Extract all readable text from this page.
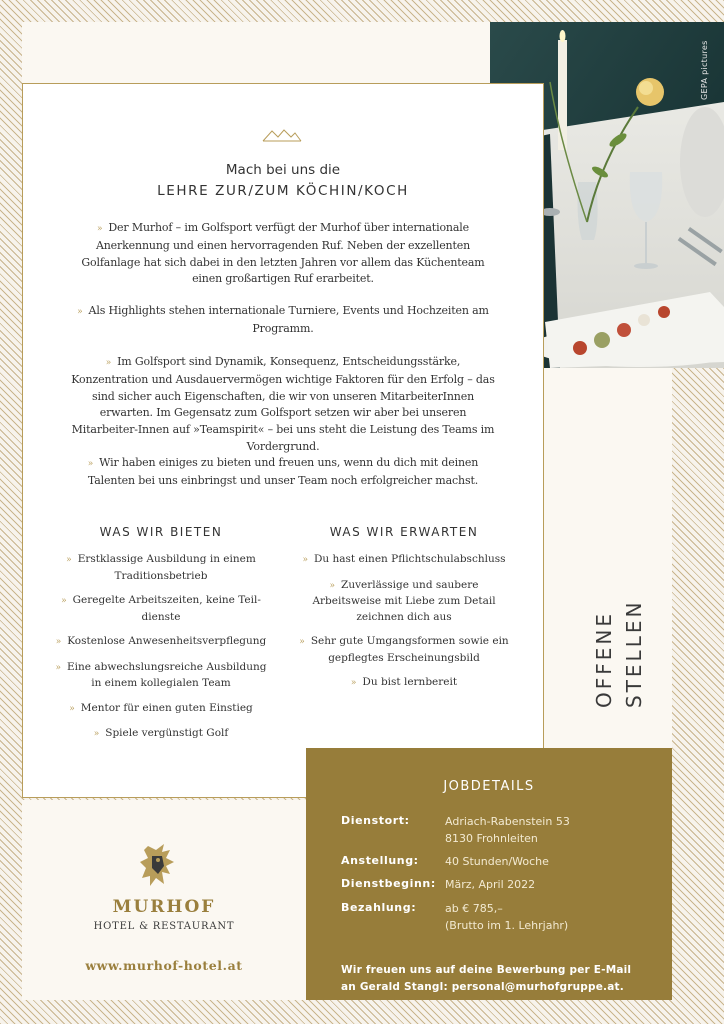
GEPA pictures
Mach bei uns die
LEHRE ZUR/ZUM KÖCHIN/KOCH

» Der Murhof – im Golfsport verfügt der Murhof über internationale Anerkennung und einen hervorragenden Ruf. Neben der exzellenten Golfanlage hat sich dabei in den letzten Jahren vor allem das Küchenteam einen großartigen Ruf erarbeitet.

» Als Highlights stehen internationale Turniere, Events und Hochzeiten am Programm.

» Im Golfsport sind Dynamik, Konsequenz, Entscheidungsstärke, Konzentration und Ausdauervermögen wichtige Faktoren für den Erfolg – das sind sicher auch Eigenschaften, die wir von unseren MitarbeiterInnen erwarten. Im Gegensatz zum Golfsport setzen wir aber bei unseren Mitarbeiter-Innen auf »Teamspirit« – bei uns steht die Leistung des Teams im Vordergrund.

» Wir haben einiges zu bieten und freuen uns, wenn du dich mit deinen Talenten bei uns einbringst und unser Team noch erfolgreicher machst.

WAS WIR BIETEN	WAS WIR ERWARTEN
» Erstklassige Ausbildung in einem Traditionsbetrieb
» Geregelte Arbeitszeiten, keine Teil-dienste
» Kostenlose Anwesenheitsverpflegung
» Eine abwechslungsreiche Ausbildung in einem kollegialen Team
» Mentor für einen guten Einstieg
» Spiele vergünstigt Golf
» Du hast einen Pflichtschulabschluss
» Zuverlässige und saubere Arbeitsweise mit Liebe zum Detail zeichnen dich aus
» Sehr gute Umgangsformen sowie ein gepflegtes Erscheinungsbild
» Du bist lernbereit	OFFENE STELLEN
JOBDETAILS
Dienstort:	Adriach-Rabenstein 53
8130 Frohnleiten
Anstellung: 40 Stunden/Woche
Dienstbeginn: März, April 2022
Bezahlung:	ab € 785,–
(Brutto im 1. Lehrjahr)
Wir freuen uns auf deine Bewerbung per E-Mail
an Gerald Stangl: personal@murhofgruppe.at.
MURHOF
HOTEL & RESTAURANT
www.murhof-hotel.at
